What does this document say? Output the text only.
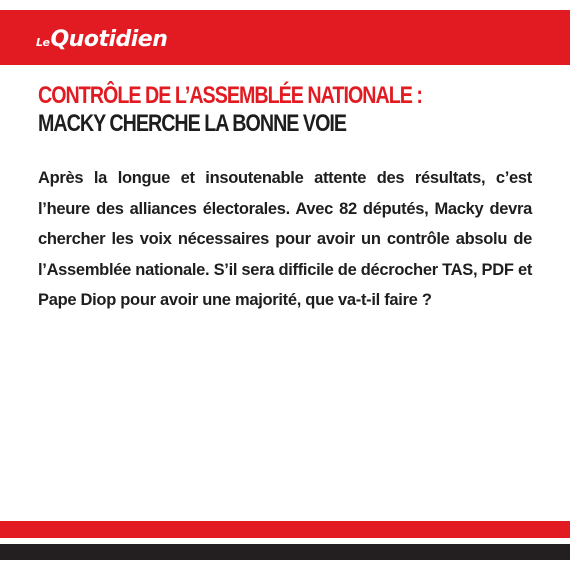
LeQuotidien
CONTRÔLE DE L’ASSEMBLÉE NATIONALE :
MACKY CHERCHE LA BONNE VOIE
Après la longue et insoutenable attente des résultats, c’est l’heure des alliances électorales. Avec 82 députés, Macky devra chercher les voix nécessaires pour avoir un contrôle absolu de l’Assemblée nationale. S’il sera difficile de décrocher TAS, PDF et Pape Diop pour avoir une majorité, que va-t-il faire ?
